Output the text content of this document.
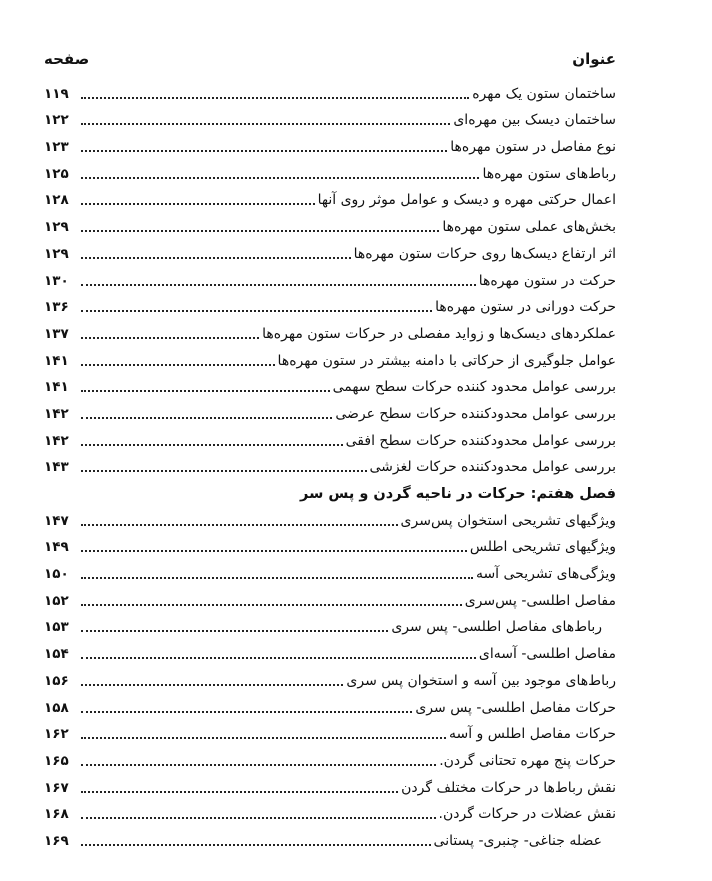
عنوان
صفحه
ساختمان ستون یک مهره
۱۱۹
ساختمان دیسک بین مهره‌ای
۱۲۲
نوع مفاصل در ستون مهره‌ها
۱۲۳
رباط‌های ستون مهره‌ها
۱۲۵
اعمال حرکتی مهره و دیسک و عوامل موثر روی آنها
۱۲۸
بخش‌های عملی ستون مهره‌ها
۱۲۹
اثر ارتفاع دیسک‌ها روی حرکات ستون مهره‌ها
۱۲۹
حرکت در ستون مهره‌ها
۱۳۰
حرکت دورانی در ستون مهره‌ها
۱۳۶
عملکردهای دیسک‌ها و زواید مفصلی در حرکات ستون مهره‌ها
۱۳۷
عوامل جلوگیری از حرکاتی با دامنه بیشتر در ستون مهره‌ها
۱۴۱
بررسی عوامل محدود کننده حرکات سطح سهمی
۱۴۱
بررسی عوامل محدودکننده حرکات سطح عرضی
۱۴۲
بررسی عوامل محدودکننده حرکات سطح افقی
۱۴۲
بررسی عوامل محدودکننده حرکات لغزشی
۱۴۳
فصل هفتم: حرکات در ناحیه گردن و پس سر
ویژگیهای تشریحی استخوان پس‌سری
۱۴۷
ویژگیهای تشریحی اطلس
۱۴۹
ویژگی‌های تشریحی آسه
۱۵۰
مفاصل اطلسی- پس‌سری
۱۵۲
رباط‌های مفاصل اطلسی- پس سری
۱۵۳
مفاصل اطلسی- آسه‌ای
۱۵۴
رباط‌های موجود بین آسه و استخوان پس سری
۱۵۶
حرکات مفاصل اطلسی- پس سری
۱۵۸
حرکات مفاصل اطلس و آسه
۱۶۲
حرکات پنج مهره تحتانی گردن.
۱۶۵
نقش رباط‌ها در حرکات مختلف گردن
۱۶۷
نقش عضلات در حرکات گردن.
۱۶۸
عضله جناغی- چنبری- پستانی
۱۶۹
